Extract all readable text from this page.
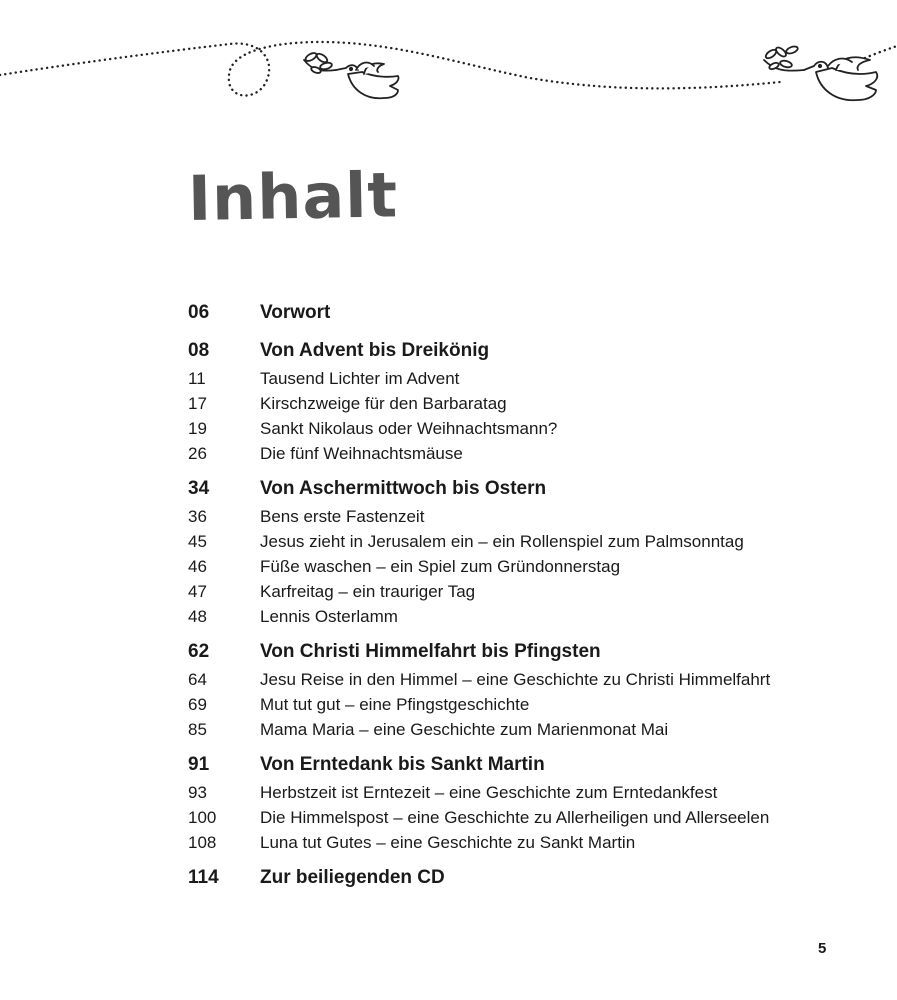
Inhalt
06	Vorwort
08	Von Advent bis Dreikönig
11	Tausend Lichter im Advent
17	Kirschzweige für den Barbaratag
19	Sankt Nikolaus oder Weihnachtsmann?
26	Die fünf Weihnachtsmäuse
34	Von Aschermittwoch bis Ostern
36	Bens erste Fastenzeit
45	Jesus zieht in Jerusalem ein – ein Rollenspiel zum Palmsonntag
46	Füße waschen – ein Spiel zum Gründonnerstag
47	Karfreitag – ein trauriger Tag
48	Lennis Osterlamm
62	Von Christi Himmelfahrt bis Pfingsten
64	Jesu Reise in den Himmel – eine Geschichte zu Christi Himmelfahrt
69	Mut tut gut – eine Pfingstgeschichte
85	Mama Maria – eine Geschichte zum Marienmonat Mai
91	Von Erntedank bis Sankt Martin
93	Herbstzeit ist Erntezeit – eine Geschichte zum Erntedankfest
100	Die Himmelspost – eine Geschichte zu Allerheiligen und Allerseelen
108	Luna tut Gutes – eine Geschichte zu Sankt Martin
114	Zur beiliegenden CD
5
